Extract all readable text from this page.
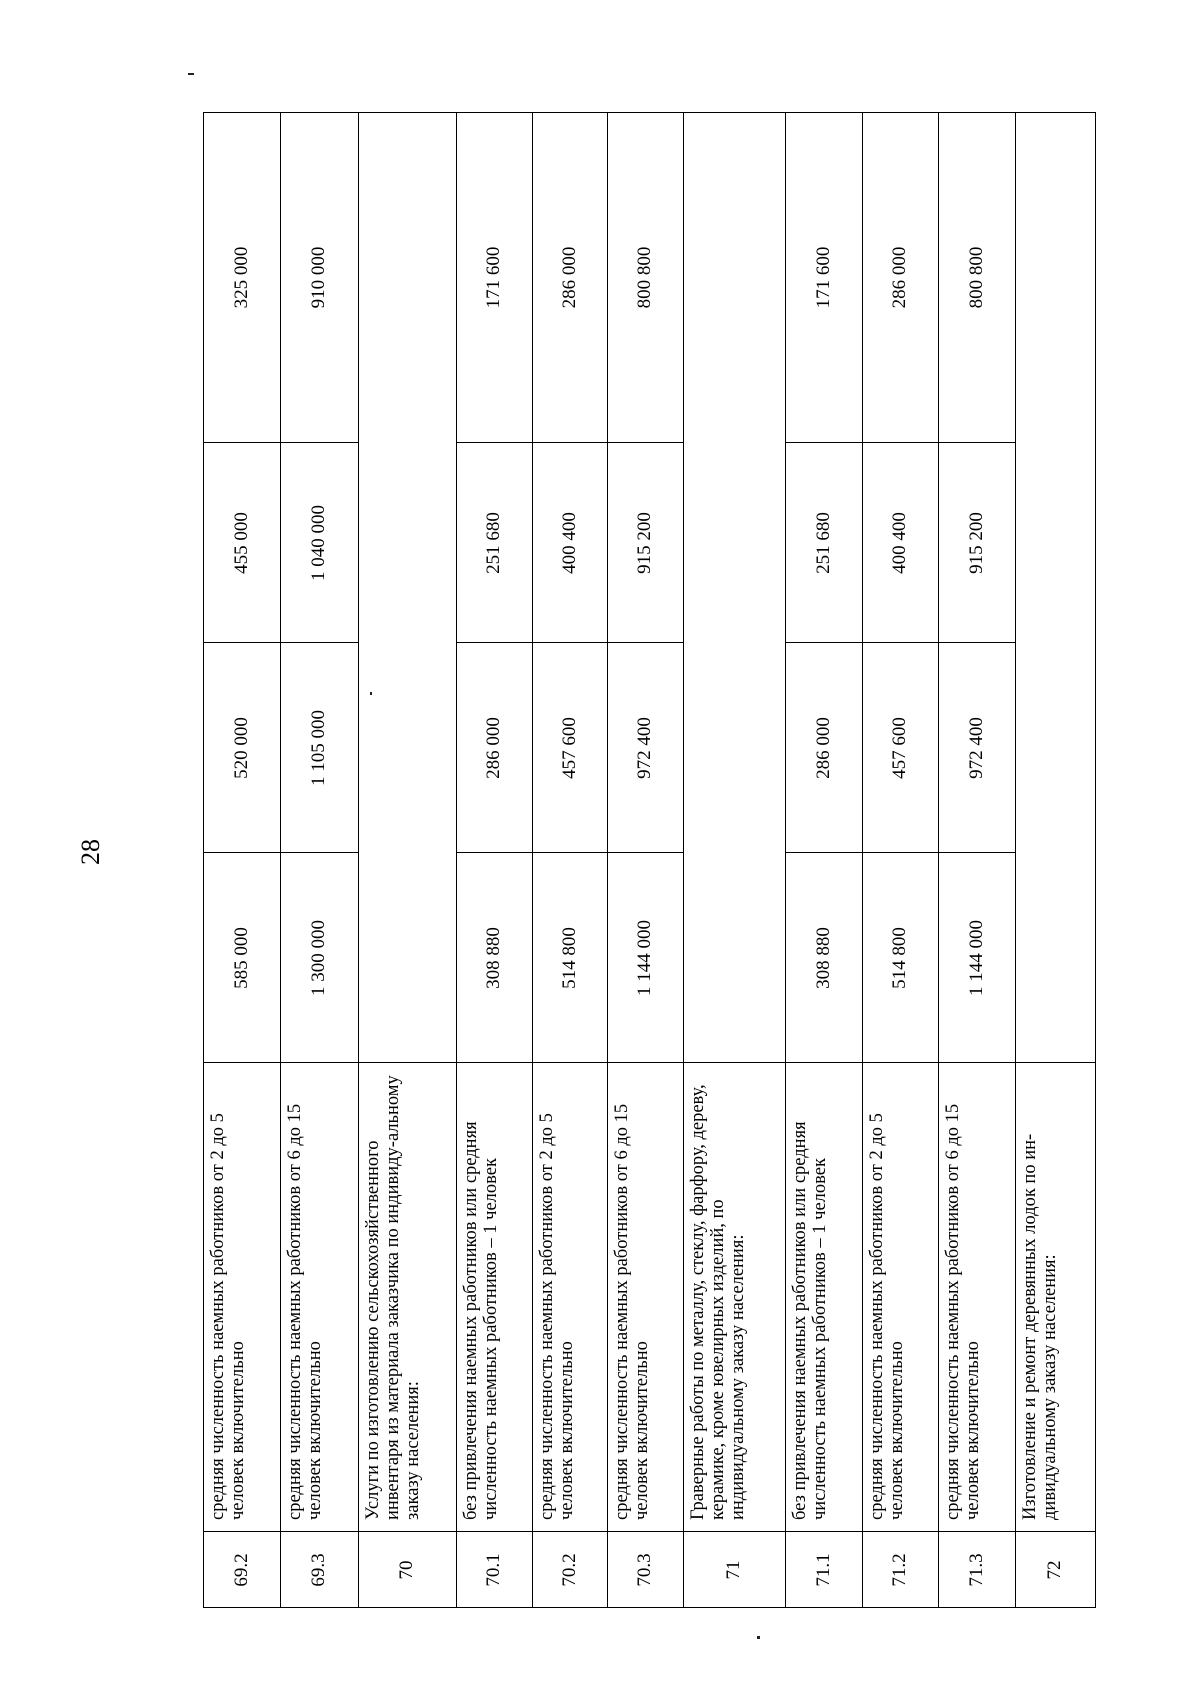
28
69.2
средняя численность наемных работников от 2 до 5 человек включительно
585 000
520 000
455 000
325 000
69.3
средняя численность наемных работников от 6 до 15 человек включительно
1 300 000
1 105 000
1 040 000
910 000
70
Услуги по изготовлению сельскохозяйственного инвентаря из материала заказчика по индивиду-альному заказу населения:
70.1
без привлечения наемных работников или средняя численность наемных работников – 1 человек
308 880
286 000
251 680
171 600
70.2
средняя численность наемных работников от 2 до 5 человек включительно
514 800
457 600
400 400
286 000
70.3
средняя численность наемных работников от 6 до 15 человек включительно
1 144 000
972 400
915 200
800 800
71
Граверные работы по металлу, стеклу, фарфору, дереву, керамике, кроме ювелирных изделий, по индивидуальному заказу населения:
71.1
без привлечения наемных работников или средняя численность наемных работников – 1 человек
308 880
286 000
251 680
171 600
71.2
средняя численность наемных работников от 2 до 5 человек включительно
514 800
457 600
400 400
286 000
71.3
средняя численность наемных работников от 6 до 15 человек включительно
1 144 000
972 400
915 200
800 800
72
Изготовление и ремонт деревянных лодок по ин-дивидуальному заказу населения:
